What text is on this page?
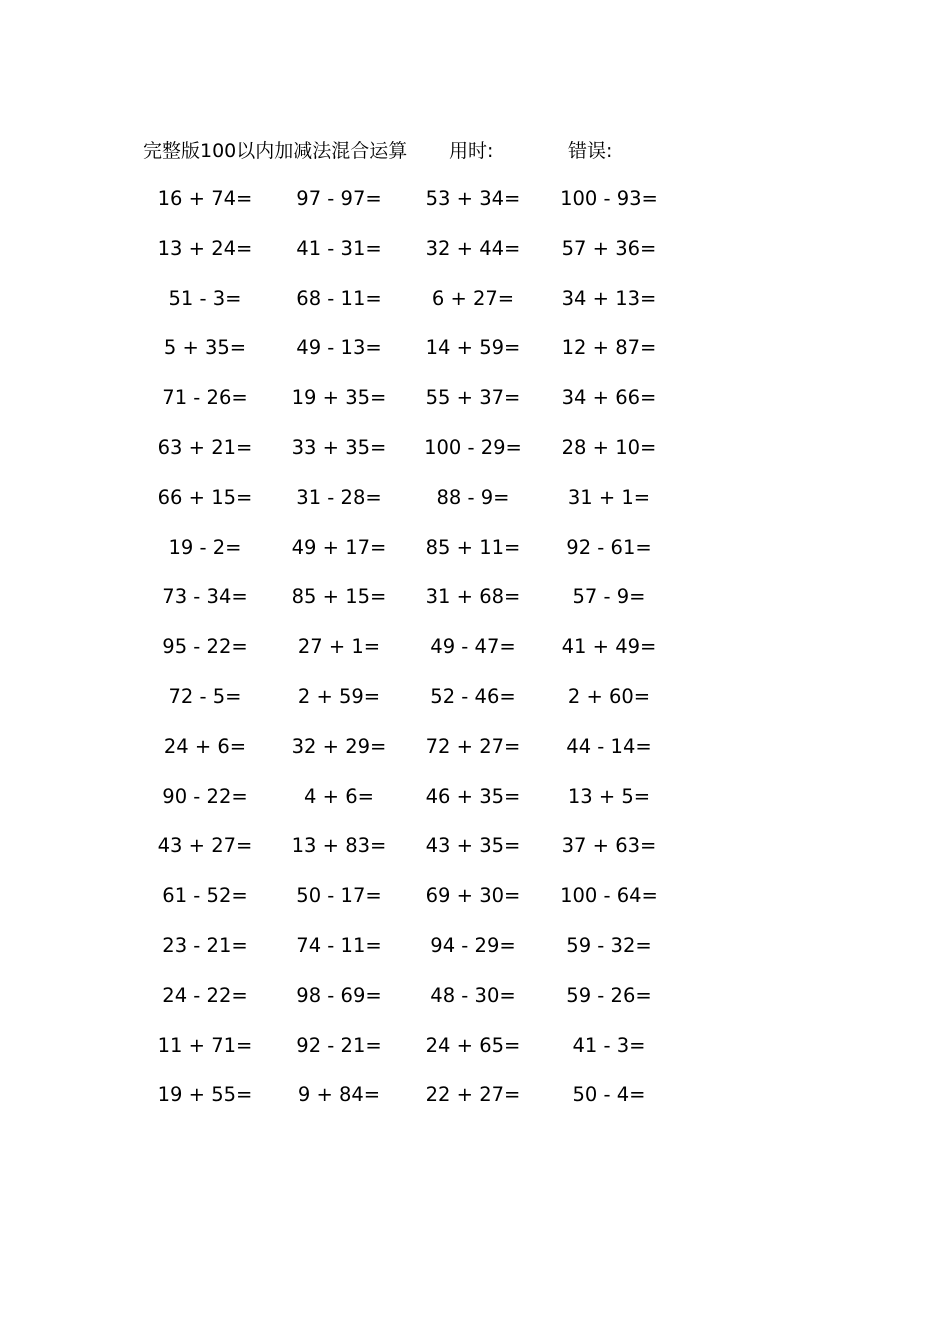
完整版100以内加减法混合运算 用时:	错误:
16 + 74=	97 - 97=	53 + 34=	100 - 93=
13 + 24=	41 - 31=	32 + 44=	57 + 36=
51 - 3=	68 - 11=	6 + 27=	34 + 13=
5 + 35=	49 - 13=	14 + 59=	12 + 87=
71 - 26=	19 + 35=	55 + 37=	34 + 66=
63 + 21=	33 + 35=	100 - 29=	28 + 10=
66 + 15=	31 - 28=	88 - 9=	31 + 1=
19 - 2=	49 + 17=	85 + 11=	92 - 61=
73 - 34=	85 + 15=	31 + 68=	57 - 9=
95 - 22=	27 + 1=	49 - 47=	41 + 49=
72 - 5=	2 + 59=	52 - 46=	2 + 60=
24 + 6=	32 + 29=	72 + 27=	44 - 14=
90 - 22=	4 + 6=	46 + 35=	13 + 5=
43 + 27=	13 + 83=	43 + 35=	37 + 63=
61 - 52=	50 - 17=	69 + 30=	100 - 64=
23 - 21=	74 - 11=	94 - 29=	59 - 32=
24 - 22=	98 - 69=	48 - 30=	59 - 26=
11 + 71=	92 - 21=	24 + 65=	41 - 3=
19 + 55=	9 + 84=	22 + 27=	50 - 4=
